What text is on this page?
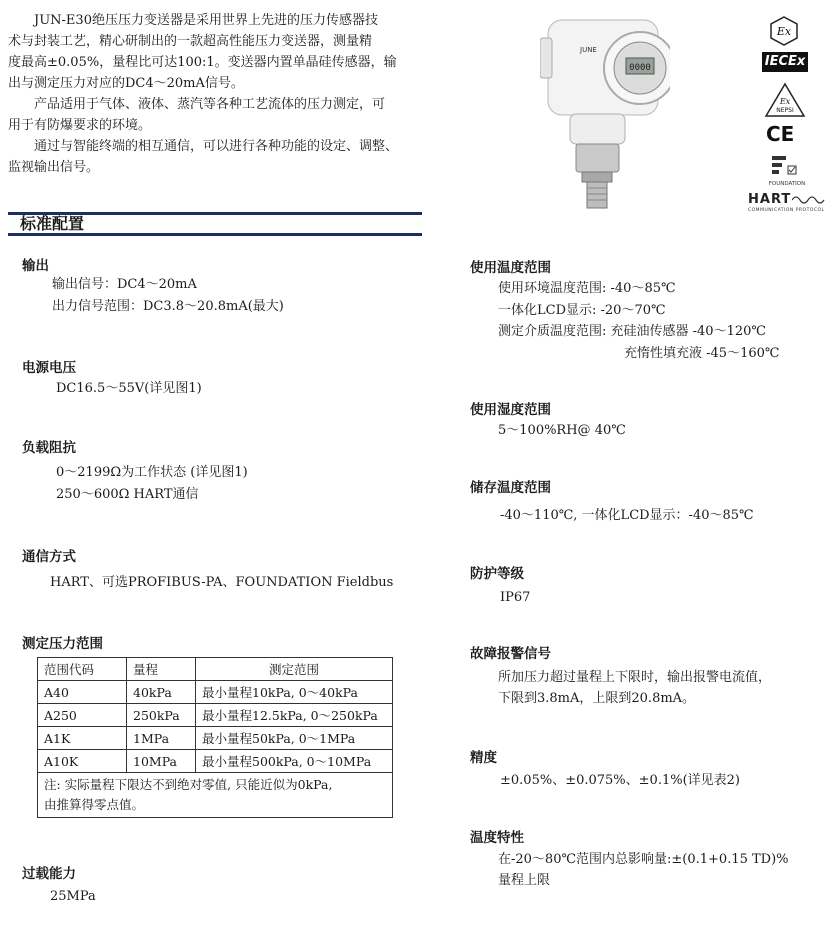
JUN-E30绝压压力变送器是采用世界上先进的压力传感器技
术与封装工艺，精心研制出的一款超高性能压力变送器，测量精
度最高±0.05%，量程比可达100:1。变送器内置单晶硅传感器，输
出与测定压力对应的DC4～20mA信号。
产品适用于气体、液体、蒸汽等各种工艺流体的压力测定，可
用于有防爆要求的环境。
通过与智能终端的相互通信，可以进行各种功能的设定、调整、
监视输出信号。
0000
JUNE
Ex
IECEx
Ex
NEPSI
CE
FOUNDATION
HART
COMMUNICATION PROTOCOL
标准配置
输出
输出信号：DC4～20mA
出力信号范围：DC3.8～20.8mA(最大)
电源电压
DC16.5～55V(详见图1)
负载阻抗
0～2199Ω为工作状态 (详见图1)
250～600Ω HART通信
通信方式
HART、可选PROFIBUS-PA、FOUNDATION Fieldbus
测定压力范围
范围代码	量程	测定范围
A40	40kPa	最小量程10kPa, 0～40kPa
A250	250kPa	最小量程12.5kPa, 0～250kPa
A1K	1MPa	最小量程50kPa, 0～1MPa
A10K	10MPa	最小量程500kPa, 0～10MPa

注: 实际量程下限达不到绝对零值, 只能近似为0kPa,
由推算得零点值。		
过载能力
25MPa
使用温度范围
使用环境温度范围: -40～85℃
一体化LCD显示: -20～70℃
测定介质温度范围: 充硅油传感器 -40～120℃
充惰性填充液 -45～160℃
使用湿度范围
5～100%RH@ 40℃
储存温度范围
-40～110℃, 一体化LCD显示：-40～85℃
防护等级
IP67
故障报警信号
所加压力超过量程上下限时，输出报警电流值，
下限到3.8mA，上限到20.8mA。
精度
±0.05%、±0.075%、±0.1%(详见表2)
温度特性
在-20～80℃范围内总影响量:±(0.1+0.15 TD)%
量程上限
